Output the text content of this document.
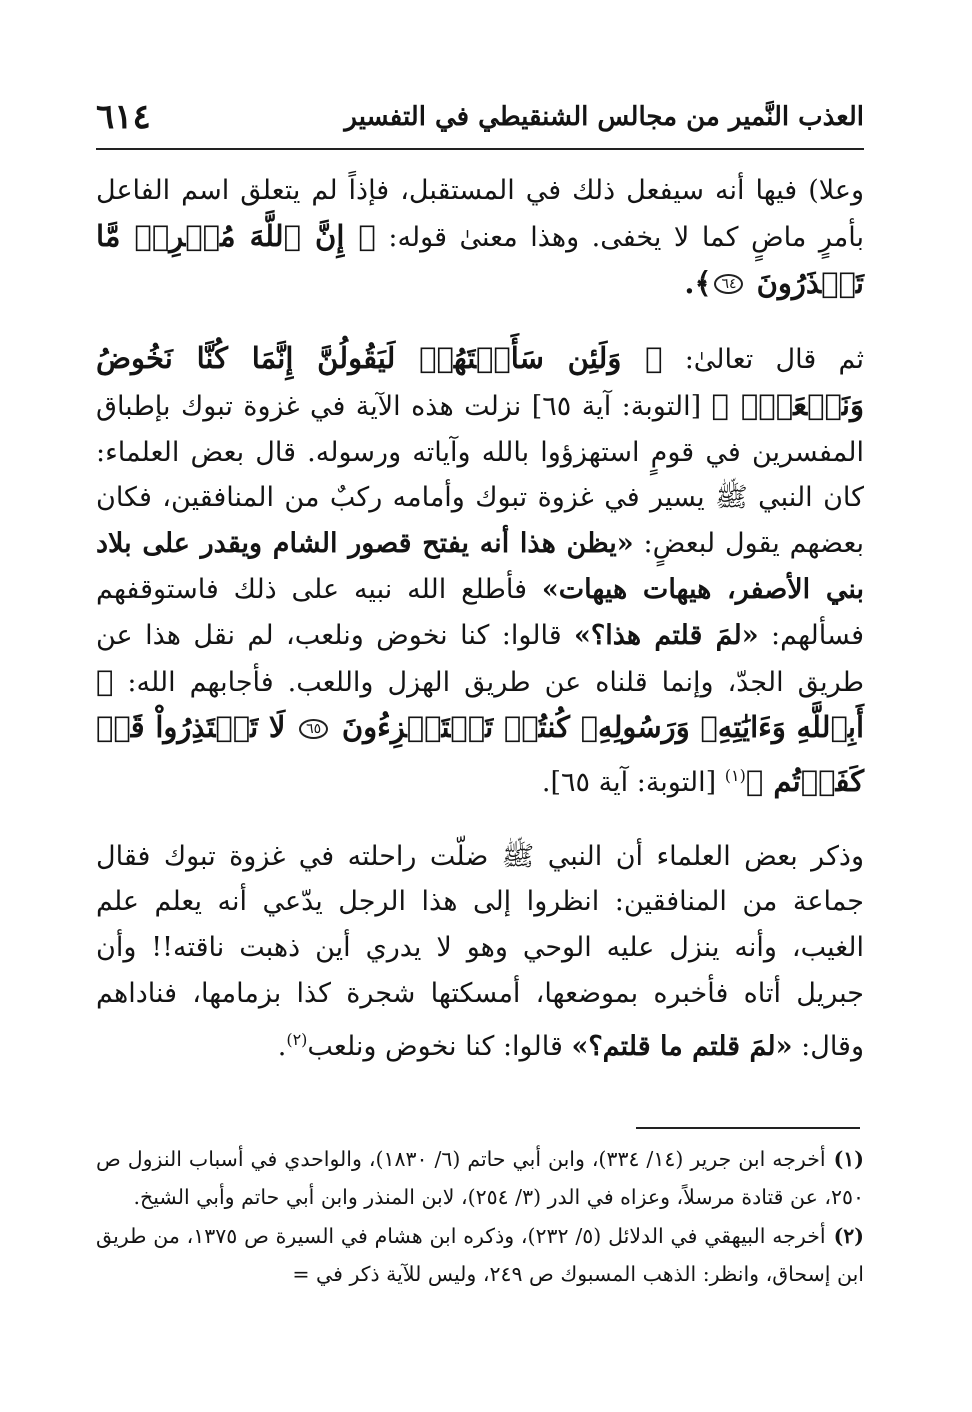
٦١٤	العذب النَّمير من مجالس الشنقيطي في التفسير

وعلا) فيها أنه سيفعل ذلك في المستقبل، فإذاً لم يتعلق اسم الفاعل بأمرٍ ماضٍ كما لا يخفى. وهذا معنىٰ قوله: ﴿ إِنَّ ٱللَّهَ مُخۡرِجٞ مَّا تَحۡذَرُونَ ٦٤﴾.

ثم قال تعالىٰ: ﴿ وَلَئِن سَأَلۡتَهُمۡ لَيَقُولُنَّ إِنَّمَا كُنَّا نَخُوضُ وَنَلۡعَبُۚ ﴾ [التوبة: آية ٦٥] نزلت هذه الآية في غزوة تبوك بإطباق المفسرين في قومٍ استهزؤوا بالله وآياته ورسوله. قال بعض العلماء: كان النبي ﷺ يسير في غزوة تبوك وأمامه ركبٌ من المنافقين، فكان بعضهم يقول لبعضٍ: «يظن هذا أنه يفتح قصور الشام ويقدر على بلاد بني الأصفر، هيهات هيهات» فأطلع الله نبيه على ذلك فاستوقفهم فسألهم: «لمَ قلتم هذا؟» قالوا: كنا نخوض ونلعب، لم نقل هذا عن طريق الجدّ، وإنما قلناه عن طريق الهزل واللعب. فأجابهم الله: ﴿ أَبِٱللَّهِ وَءَايَٰتِهِۦ وَرَسُولِهِۦ كُنتُمۡ تَسۡتَهۡزِءُونَ ٦٥ لَا تَعۡتَذِرُواْ قَدۡ كَفَرۡتُم ﴾$^{(١)}$ [التوبة: آية ٦٥].

وذكر بعض العلماء أن النبي ﷺ ضلّت راحلته في غزوة تبوك فقال جماعة من المنافقين: انظروا إلى هذا الرجل يدّعي أنه يعلم علم الغيب، وأنه ينزل عليه الوحي وهو لا يدري أين ذهبت ناقته!! وأن جبريل أتاه فأخبره بموضعها، أمسكتها شجرة كذا بزمامها، فناداهم وقال: «لمَ قلتم ما قلتم؟» قالوا: كنا نخوض ونلعب$^{(٢)}$.

(١)أخرجه ابن جرير (١٤/ ٣٣٤)، وابن أبي حاتم (٦/ ١٨٣٠)، والواحدي في أسباب النزول ص ٢٥٠، عن قتادة مرسلاً، وعزاه في الدر (٣/ ٢٥٤)، لابن المنذر وابن أبي حاتم وأبي الشيخ.

(٢)أخرجه البيهقي في الدلائل (٥/ ٢٣٢)، وذكره ابن هشام في السيرة ص ١٣٧٥، من طريق ابن إسحاق، وانظر: الذهب المسبوك ص ٢٤٩، وليس للآية ذكر في =
